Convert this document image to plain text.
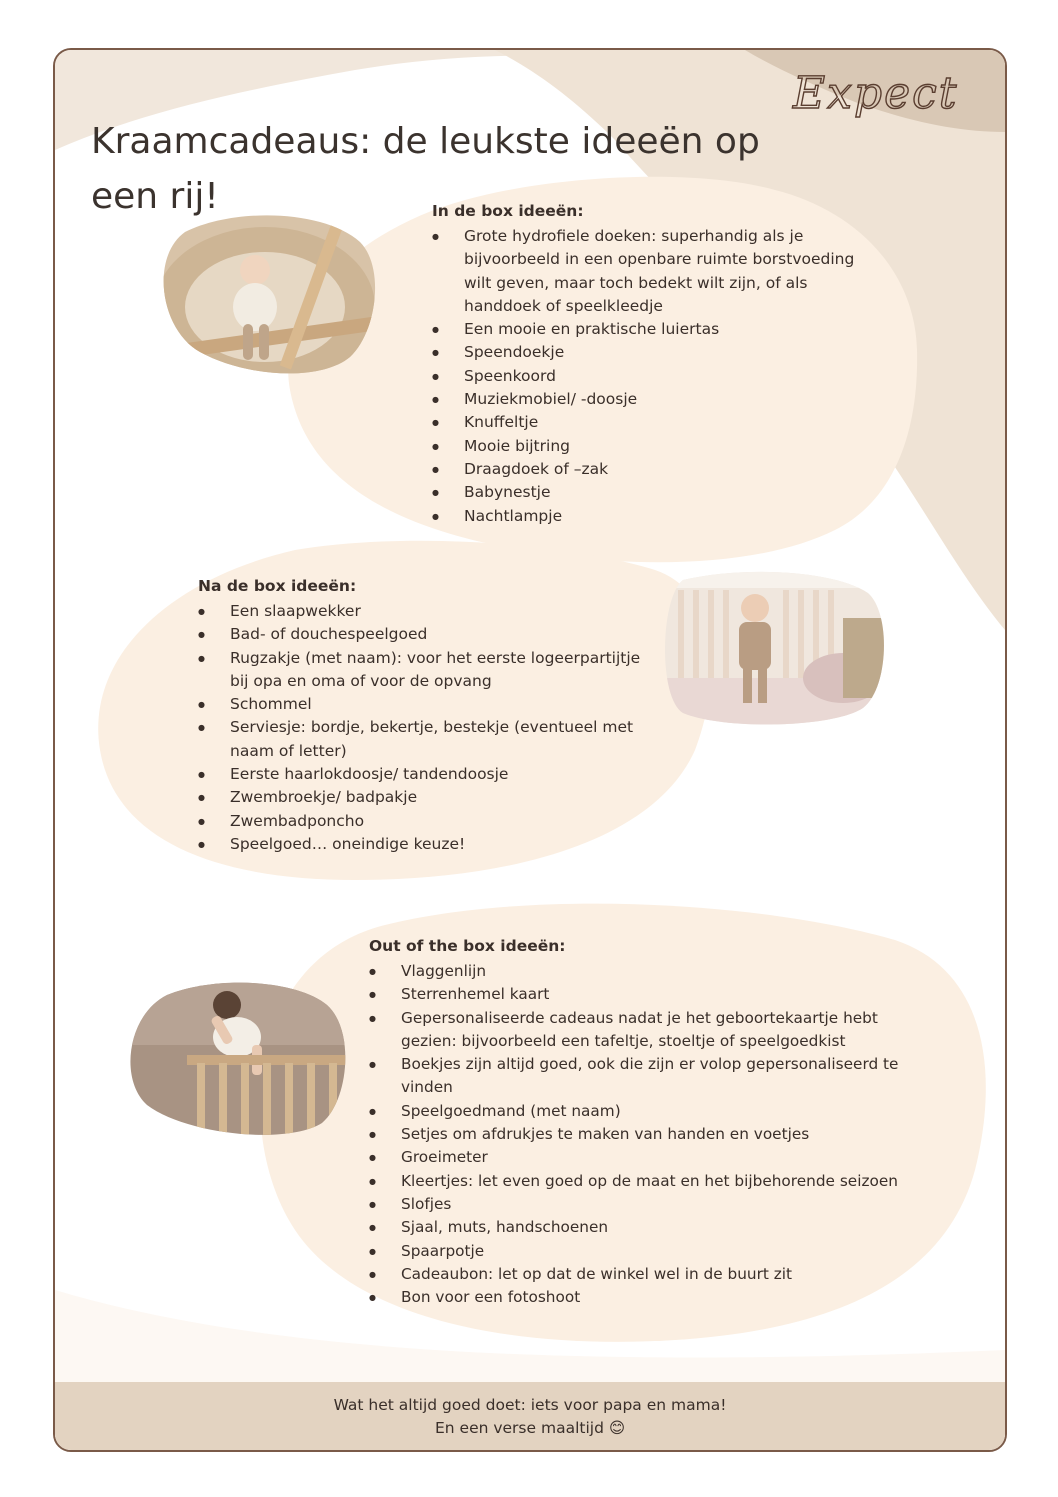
Expect
Kraamcadeaus: de leukste ideeën op een rij!	In de box ideeën:
● Grote hydrofiele doeken: superhandig als je bijvoorbeeld in een openbare ruimte borstvoeding wilt geven, maar toch bedekt wilt zijn, of als handdoek of speelkleedje
● Een mooie en praktische luiertas
● Speendoekje
● Speenkoord
● Muziekmobiel/ -doosje
● Knuffeltje
● Mooie bijtring
● Draagdoek of –zak
● Babynestje
● Nachtlampje
Na de box ideeën:
● Een slaapwekker
● Bad- of douchespeelgoed
● Rugzakje (met naam): voor het eerste logeerpartijtje bij opa en oma of voor de opvang
● Schommel
● Serviesje: bordje, bekertje, bestekje (eventueel met naam of letter)
● Eerste haarlokdoosje/ tandendoosje
● Zwembroekje/ badpakje
● Zwembadponcho
● Speelgoed… oneindige keuze!
Out of the box ideeën:
● Vlaggenlijn
● Sterrenhemel kaart
● Gepersonaliseerde cadeaus nadat je het geboortekaartje hebt gezien: bijvoorbeeld een tafeltje, stoeltje of speelgoedkist
● Boekjes zijn altijd goed, ook die zijn er volop gepersonaliseerd te vinden
● Speelgoedmand (met naam)
● Setjes om afdrukjes te maken van handen en voetjes
● Groeimeter
● Kleertjes: let even goed op de maat en het bijbehorende seizoen
● Slofjes
● Sjaal, muts, handschoenen
● Spaarpotje
● Cadeaubon: let op dat de winkel wel in de buurt zit
● Bon voor een fotoshoot

Wat het altijd goed doet: iets voor papa en mama!

En een verse maaltijd 😊
